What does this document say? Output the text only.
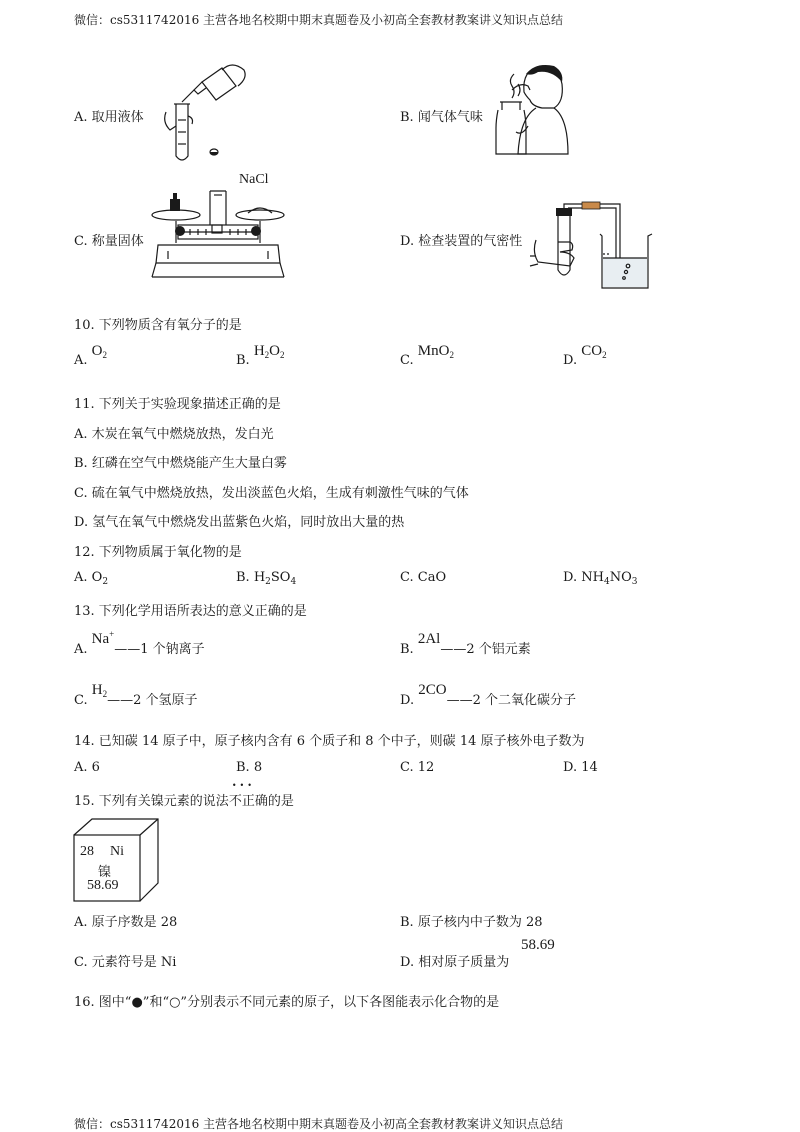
微信：cs5311742016 主营各地名校期中期末真题卷及小初高全套教材教案讲义知识点总结
A. 取用液体	B. 闻气体气味
NaCl
C. 称量固体	D. 检查装置的气密性
10. 下列物质含有氧分子的是
A. $O_2$	B. $H_2O_2$	C. MnO$_2$	D. $CO_2$
11. 下列关于实验现象描述正确的是
A. 木炭在氧气中燃烧放热，发白光
B. 红磷在空气中燃烧能产生大量白雾
C. 硫在氧气中燃烧放热，发出淡蓝色火焰，生成有刺激性气味的气体
D. 氢气在氧气中燃烧发出蓝紫色火焰，同时放出大量的热
12. 下列物质属于氧化物的是
A. $O_2$	B. $H_2SO_4$	C. CaO	D. $NH_4NO_3$
13. 下列化学用语所表达的意义正确的是
A. Na+——1 个钠离子	B. 2Al——2 个铝元素
C. $H_2——2$ 个氢原子	D. 2CO——2 个二氧化碳分子
14. 已知碳 14 原子中，原子核内含有 6 个质子和 8 个中子，则碳 14 原子核外电子数为
A. 6	B. 8	C. 12	D. 14
15. 下列有关镍元素的说法••• 不正确的是
28 Ni
镍
58.69
A. 原子序数是 28	B. 原子核内中子数为 28
C. 元素符号是 Ni	D. 相对原子质量为
58.69
16. 图中“●”和“○”分别表示不同元素的原子，以下各图能表示化合物的是
微信：cs5311742016 主营各地名校期中期末真题卷及小初高全套教材教案讲义知识点总结
